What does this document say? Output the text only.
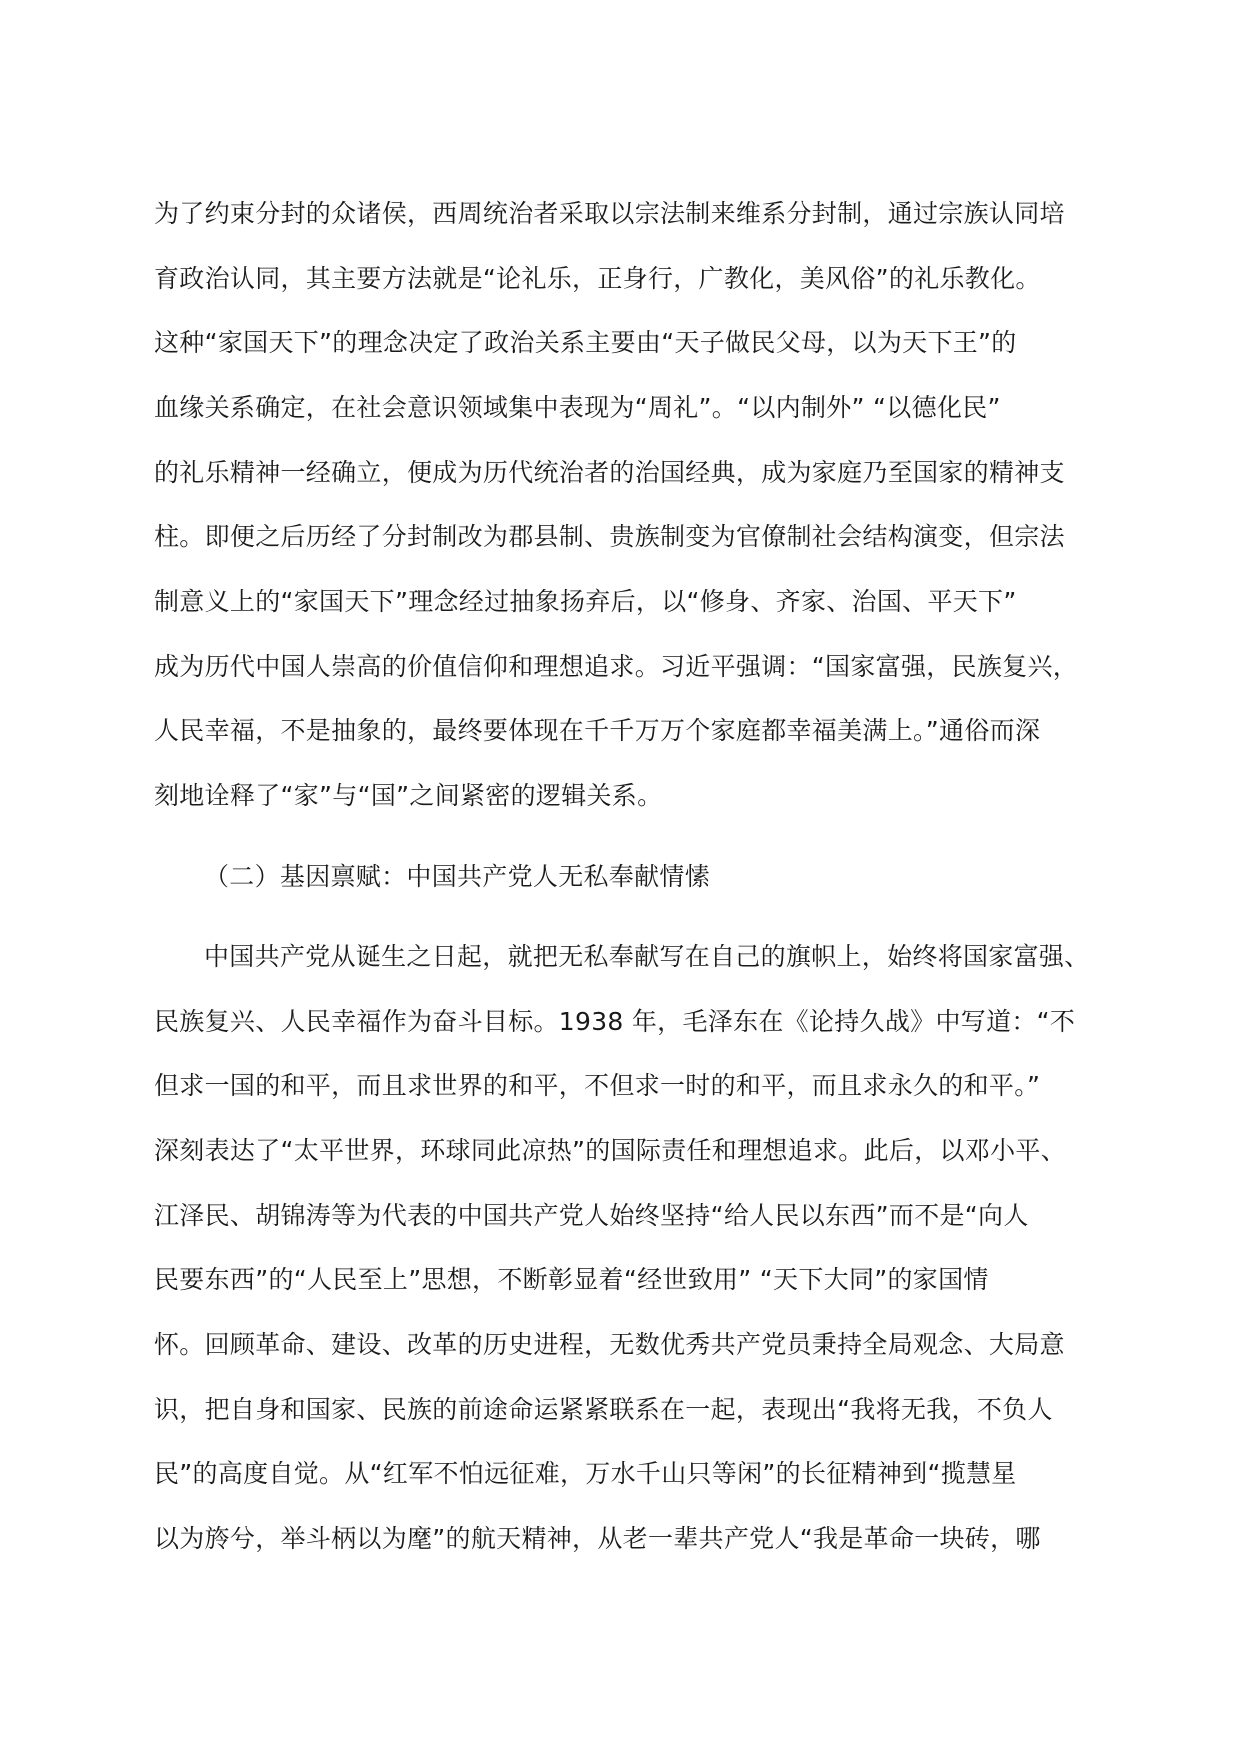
为了约束分封的众诸侯，西周统治者采取以宗法制来维系分封制，通过宗族认同培
育政治认同，其主要方法就是“论礼乐，正身行，广教化，美风俗”的礼乐教化。
这种“家国天下”的理念决定了政治关系主要由“天子做民父母，以为天下王”的
血缘关系确定，在社会意识领域集中表现为“周礼”。“以内制外” “以德化民”
的礼乐精神一经确立，便成为历代统治者的治国经典，成为家庭乃至国家的精神支
柱。即便之后历经了分封制改为郡县制、贵族制变为官僚制社会结构演变，但宗法
制意义上的“家国天下”理念经过抽象扬弃后，以“修身、齐家、治国、平天下”
成为历代中国人崇高的价值信仰和理想追求。习近平强调：“国家富强，民族复兴，
人民幸福，不是抽象的，最终要体现在千千万万个家庭都幸福美满上。”通俗而深
刻地诠释了“家”与“国”之间紧密的逻辑关系。
（二）基因禀赋：中国共产党人无私奉献情愫
中国共产党从诞生之日起，就把无私奉献写在自己的旗帜上，始终将国家富强、
民族复兴、人民幸福作为奋斗目标。1938 年，毛泽东在《论持久战》中写道：“不
但求一国的和平，而且求世界的和平，不但求一时的和平，而且求永久的和平。”
深刻表达了“太平世界，环球同此凉热”的国际责任和理想追求。此后，以邓小平、
江泽民、胡锦涛等为代表的中国共产党人始终坚持“给人民以东西”而不是“向人
民要东西”的“人民至上”思想，不断彰显着“经世致用” “天下大同”的家国情
怀。回顾革命、建设、改革的历史进程，无数优秀共产党员秉持全局观念、大局意
识，把自身和国家、民族的前途命运紧紧联系在一起，表现出“我将无我，不负人
民”的高度自觉。从“红军不怕远征难，万水千山只等闲”的长征精神到“揽慧星
以为旍兮，举斗柄以为麾”的航天精神，从老一辈共产党人“我是革命一块砖，哪
